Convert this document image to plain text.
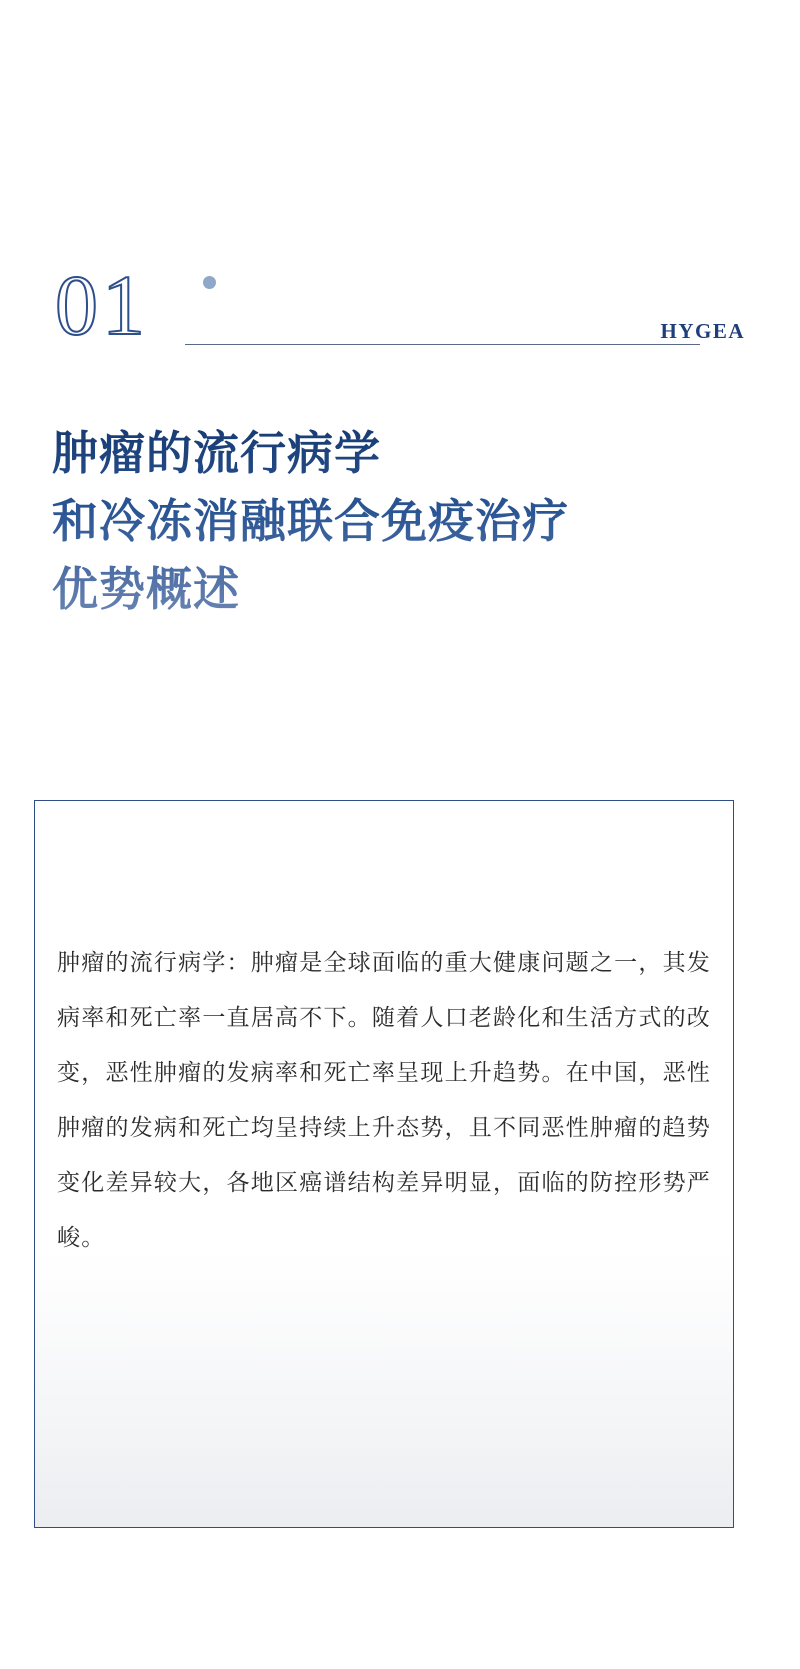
01	HYGEA
肿瘤的流行病学
和冷冻消融联合免疫治疗
优势概述

肿瘤的流行病学：肿瘤是全球面临的重大健康问题之一，其发病率和死亡率一直居高不下。随着人口老龄化和生活方式的改变，恶性肿瘤的发病率和死亡率呈现上升趋势。在中国，恶性肿瘤的发病和死亡均呈持续上升态势，且不同恶性肿瘤的趋势变化差异较大，各地区癌谱结构差异明显，面临的防控形势严峻。
